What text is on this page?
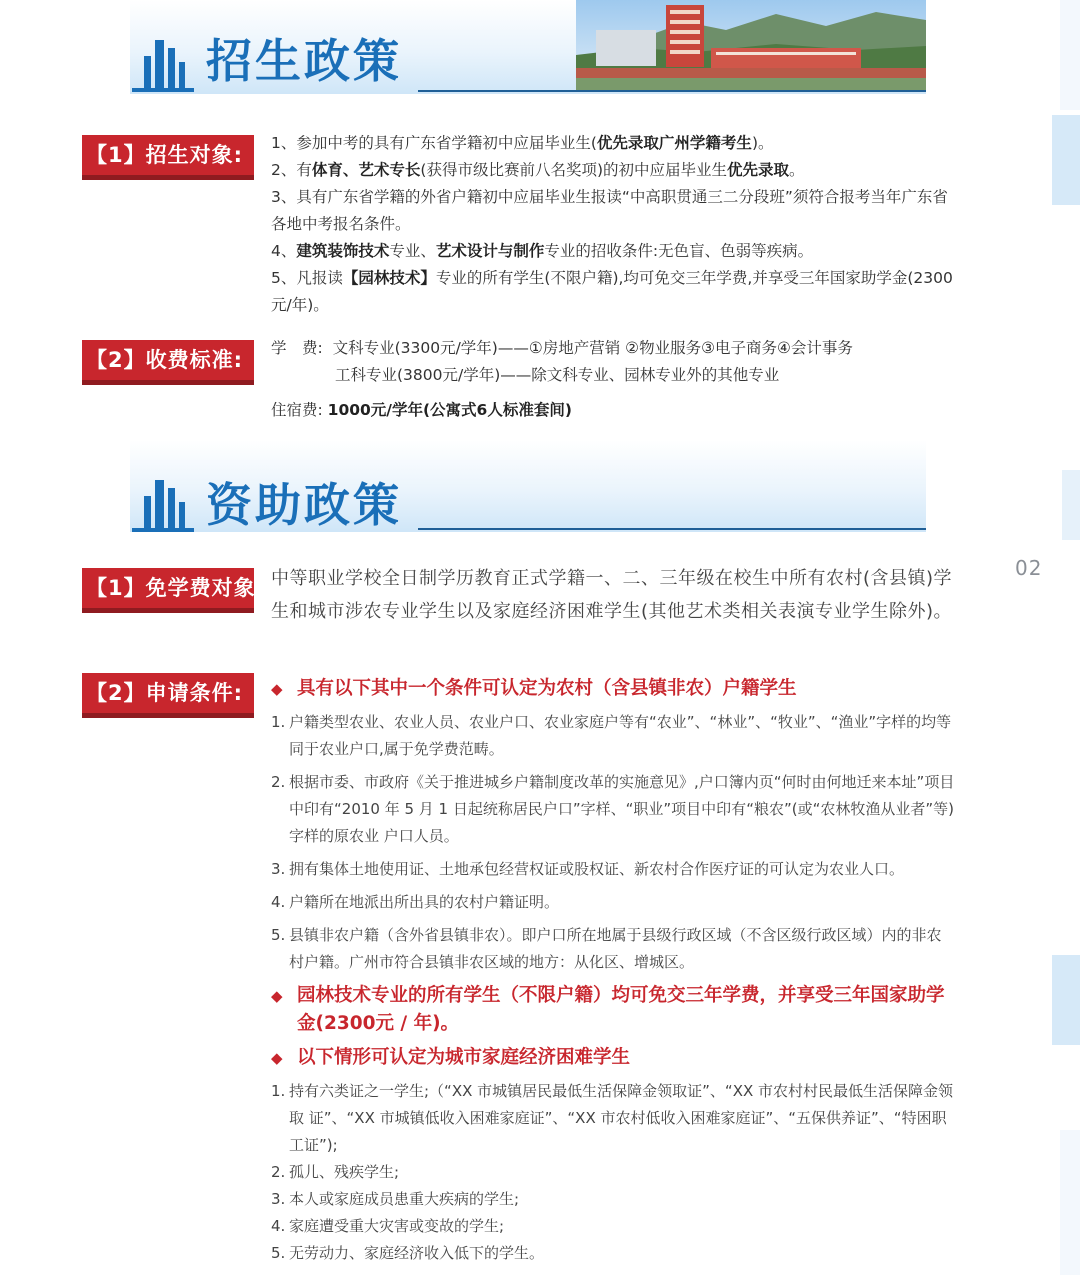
02
招生政策
【1】招生对象:	1、参加中考的具有广东省学籍初中应届毕业生(优先录取广州学籍考生)。

2、有体育、艺术专长(获得市级比赛前八名奖项)的初中应届毕业生优先录取。

3、具有广东省学籍的外省户籍初中应届毕业生报读“中高职贯通三二分段班”须符合报考当年广东省各地中考报名条件。

4、建筑装饰技术专业、艺术设计与制作专业的招收条件:无色盲、色弱等疾病。

5、凡报读【园林技术】专业的所有学生(不限户籍),均可免交三年学费,并享受三年国家助学金(2300元/年)。

【2】收费标准:	学　费: 文科专业(3300元/学年)——①房地产营销 ②物业服务③电子商务④会计事务

工科专业(3800元/学年)——除文科专业、园林专业外的其他专业

住宿费: 1000元/学年(公寓式6人标准套间)

资助政策
【1】免学费对象: 中等职业学校全日制学历教育正式学籍一、二、三年级在校生中所有农村(含县镇)学生和城市涉农专业学生以及家庭经济困难学生(其他艺术类相关表演专业学生除外)。
【2】申请条件:
◆	具有以下其中一个条件可认定为农村（含县镇非农）户籍学生
1. 户籍类型农业、农业人员、农业户口、农业家庭户等有“农业”、“林业”、“牧业”、“渔业”字样的均等同于农业户口,属于免学费范畴。
2. 根据市委、市政府《关于推进城乡户籍制度改革的实施意见》,户口簿内页“何时由何地迁来本址”项目中印有“2010 年 5 月 1 日起统称居民户口”字样、“职业”项目中印有“粮农”(或“农林牧渔从业者”等)字样的原农业 户口人员。
3. 拥有集体土地使用证、土地承包经营权证或股权证、新农村合作医疗证的可认定为农业人口。
4. 户籍所在地派出所出具的农村户籍证明。
5. 县镇非农户籍（含外省县镇非农）。即户口所在地属于县级行政区域（不含区级行政区域）内的非农村户籍。广州市符合县镇非农区域的地方：从化区、增城区。
◆ 园林技术专业的所有学生（不限户籍）均可免交三年学费，并享受三年国家助学金(2300元 / 年)。
◆ 以下情形可认定为城市家庭经济困难学生
1. 持有六类证之一学生;（“XX 市城镇居民最低生活保障金领取证”、“XX 市农村村民最低生活保障金领取 证”、“XX 市城镇低收入困难家庭证”、“XX 市农村低收入困难家庭证”、“五保供养证”、“特困职工证”);
2. 孤儿、残疾学生;
3. 本人或家庭成员患重大疾病的学生;
4. 家庭遭受重大灾害或变故的学生;
5. 无劳动力、家庭经济收入低下的学生。
